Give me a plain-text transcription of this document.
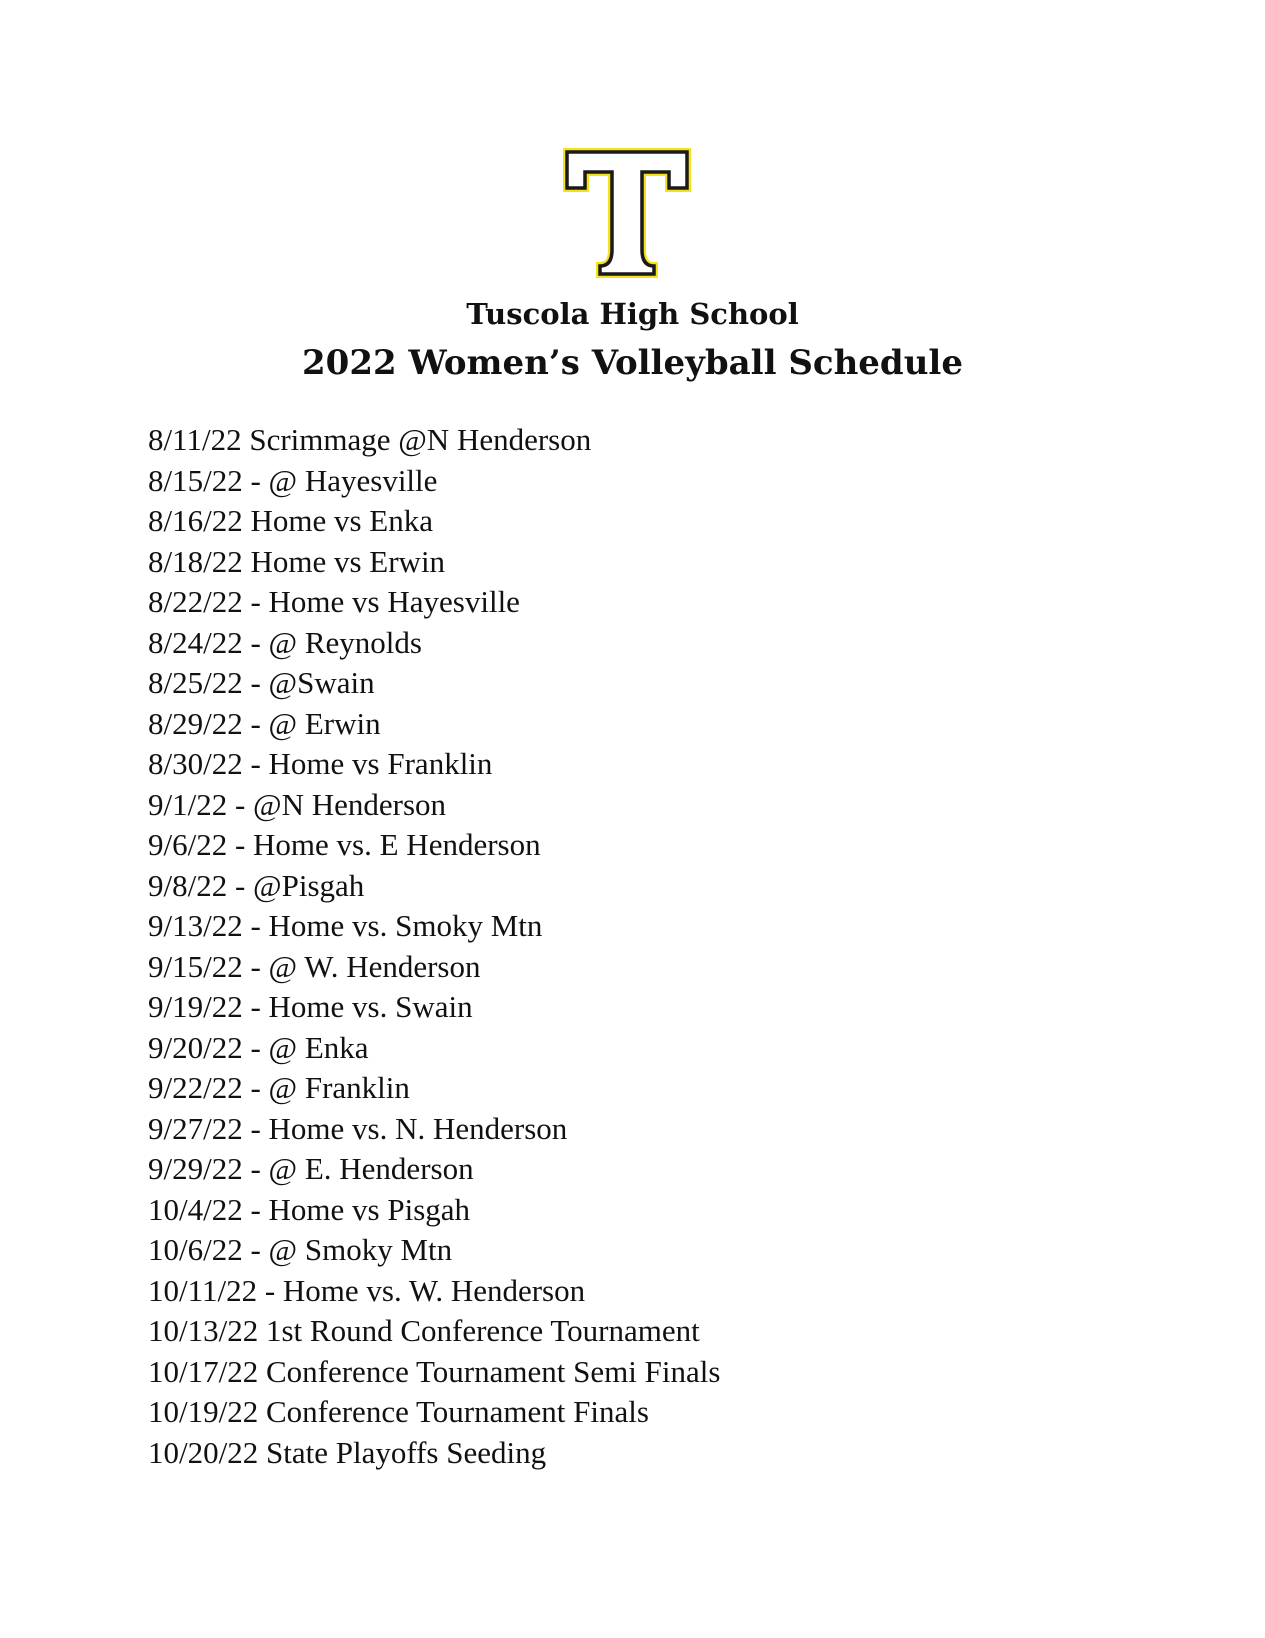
Tuscola High School
2022 Women’s Volleyball Schedule
8/11/22 Scrimmage @N Henderson
8/15/22 - @ Hayesville
8/16/22 Home vs Enka
8/18/22 Home vs Erwin
8/22/22 - Home vs Hayesville
8/24/22 - @ Reynolds
8/25/22 - @Swain
8/29/22 - @ Erwin
8/30/22 - Home vs Franklin
9/1/22 - @N Henderson
9/6/22 - Home vs. E Henderson
9/8/22 - @Pisgah
9/13/22 - Home vs. Smoky Mtn
9/15/22 - @ W. Henderson
9/19/22 - Home vs. Swain
9/20/22 - @ Enka
9/22/22 - @ Franklin
9/27/22 - Home vs. N. Henderson
9/29/22 - @ E. Henderson
10/4/22 - Home vs Pisgah
10/6/22 - @ Smoky Mtn
10/11/22 - Home vs. W. Henderson
10/13/22 1st Round Conference Tournament
10/17/22 Conference Tournament Semi Finals
10/19/22 Conference Tournament Finals
10/20/22 State Playoffs Seeding
